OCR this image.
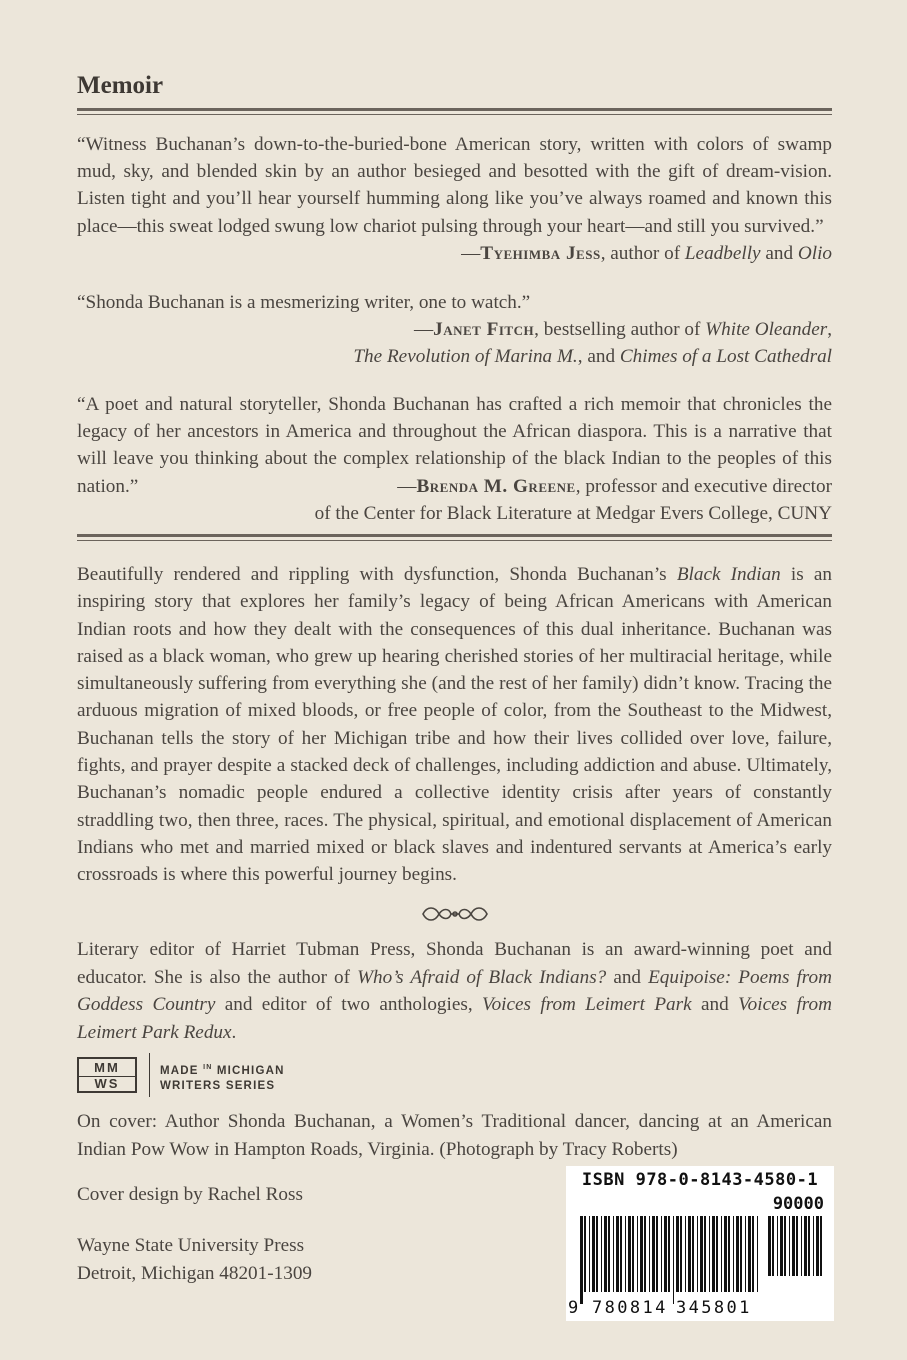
Memoir
“Witness Buchanan’s down-to-the-buried-bone American story, written with colors of swamp mud, sky, and blended skin by an author besieged and besotted with the gift of dream-vision. Listen tight and you’ll hear yourself humming along like you’ve always roamed and known this place—this sweat lodged swung low chariot pulsing through your heart—and still you survived.”
—Tyehimba Jess, author of Leadbelly and Olio
“Shonda Buchanan is a mesmerizing writer, one to watch.”
—Janet Fitch, bestselling author of White Oleander,
The Revolution of Marina M., and Chimes of a Lost Cathedral
“A poet and natural storyteller, Shonda Buchanan has crafted a rich memoir that chronicles the legacy of her ancestors in America and throughout the African diaspora. This is a narrative that will leave you thinking about the complex relationship of the black Indian to the peoples of this nation.”	—Brenda M. Greene, professor and executive director
of the Center for Black Literature at Medgar Evers College, CUNY
Beautifully rendered and rippling with dysfunction, Shonda Buchanan’s Black Indian is an inspiring story that explores her family’s legacy of being African Americans with American Indian roots and how they dealt with the consequences of this dual inheritance. Buchanan was raised as a black woman, who grew up hearing cherished stories of her multiracial heritage, while simultaneously suffering from everything she (and the rest of her family) didn’t know. Tracing the arduous migration of mixed bloods, or free people of color, from the Southeast to the Midwest, Buchanan tells the story of her Michigan tribe and how their lives collided over love, failure, fights, and prayer despite a stacked deck of challenges, including addiction and abuse. Ultimately, Buchanan’s nomadic people endured a collective identity crisis after years of constantly straddling two, then three, races. The physical, spiritual, and emotional displacement of American Indians who met and married mixed or black slaves and indentured servants at America’s early crossroads is where this powerful journey begins.
Literary editor of Harriet Tubman Press, Shonda Buchanan is an award-winning poet and educator. She is also the author of Who’s Afraid of Black Indians? and Equipoise: Poems from Goddess Country and editor of two anthologies, Voices from Leimert Park and Voices from Leimert Park Redux.
MM
WS
MADE $^{IN}$ MICHIGAN
WRITERS SERIES
On cover: Author Shonda Buchanan, a Women’s Traditional dancer, dancing at an American Indian Pow Wow in Hampton Roads, Virginia. (Photograph by Tracy Roberts)
Cover design by Rachel Ross
Wayne State University Press
Detroit, Michigan 48201-1309
ISBN 978-0-8143-4580-1
90000
9 780814 345801
